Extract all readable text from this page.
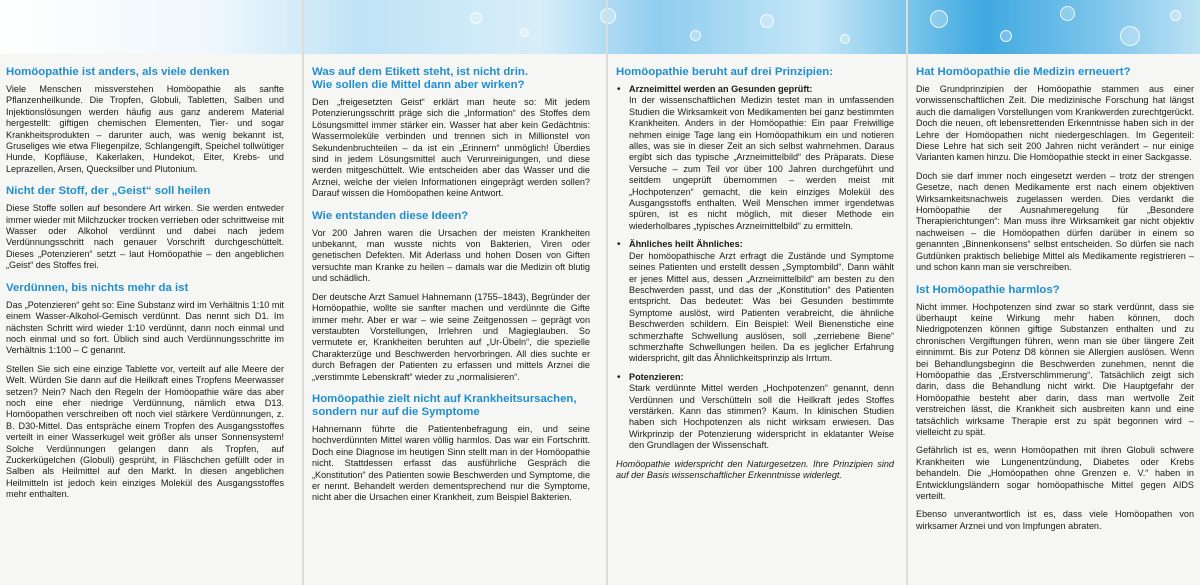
Homöopathie ist anders, als viele denken

Viele Menschen missverstehen Homöopathie als sanfte Pflanzenheilkunde. Die Tropfen, Globuli, Tabletten, Salben und Injektionslösungen werden häufig aus ganz anderem Material hergestellt: giftigen chemischen Elementen, Tier- und sogar Krankheitsprodukten – darunter auch, was wenig bekannt ist, Gruseliges wie etwa Fliegenpilze, Schlangengift, Speichel tollwütiger Hunde, Kopfläuse, Kakerlaken, Hundekot, Eiter, Krebs- und Leprazellen, Arsen, Quecksilber und Plutonium.

Nicht der Stoff, der „Geist“ soll heilen

Diese Stoffe sollen auf besondere Art wirken. Sie werden entweder immer wieder mit Milchzucker trocken verrieben oder schrittweise mit Wasser oder Alkohol verdünnt und dabei nach jedem Verdünnungsschritt nach genauer Vorschrift durchgeschüttelt. Dieses „Potenzieren“ setzt – laut Homöopathie – den angeblichen „Geist“ des Stoffes frei.

Verdünnen, bis nichts mehr da ist

Das „Potenzieren“ geht so: Eine Substanz wird im Verhältnis 1:10 mit einem Wasser-Alkohol-Gemisch verdünnt. Das nennt sich D1. Im nächsten Schritt wird wieder 1:10 verdünnt, dann noch einmal und noch einmal und so fort. Üblich sind auch Verdünnungsschritte im Verhältnis 1:100 – C genannt.

Stellen Sie sich eine einzige Tablette vor, verteilt auf alle Meere der Welt. Würden Sie dann auf die Heilkraft eines Tropfens Meerwasser setzen? Nein? Nach den Regeln der Homöopathie wäre das aber noch eine eher niedrige Verdünnung, nämlich etwa D13. Homöopathen verschreiben oft noch viel stärkere Verdünnungen, z. B. D30-Mittel. Das entspräche einem Tropfen des Ausgangsstoffes verteilt in einer Wasserkugel weit größer als unser Sonnensystem! Solche Verdünnungen gelangen dann als Tropfen, auf Zuckerkügelchen (Globuli) gesprüht, in Fläschchen gefüllt oder in Salben als Heilmittel auf den Markt. In diesen angeblichen Heilmitteln ist jedoch kein einziges Molekül des Ausgangsstoffes mehr enthalten.

Was auf dem Etikett steht, ist nicht drin.
Wie sollen die Mittel dann aber wirken?

Den „freigesetzten Geist“ erklärt man heute so: Mit jedem Potenzierungsschritt präge sich die „Information“ des Stoffes dem Lösungsmittel immer stärker ein. Wasser hat aber kein Gedächtnis: Wassermoleküle verbinden und trennen sich in Millionstel von Sekundenbruchteilen – da ist ein „Erinnern“ unmöglich! Überdies sind in jedem Lösungsmittel auch Verunreinigungen, und diese werden mitgeschüttelt. Wie entscheiden aber das Wasser und die Arznei, welche der vielen Informationen eingeprägt werden sollen? Darauf wissen die Homöopathen keine Antwort.

Wie entstanden diese Ideen?

Vor 200 Jahren waren die Ursachen der meisten Krankheiten unbekannt, man wusste nichts von Bakterien, Viren oder genetischen Defekten. Mit Aderlass und hohen Dosen von Giften versuchte man Kranke zu heilen – damals war die Medizin oft blutig und schädlich.

Der deutsche Arzt Samuel Hahnemann (1755–1843), Begründer der Homöopathie, wollte sie sanfter machen und verdünnte die Gifte immer mehr. Aber er war – wie seine Zeitgenossen – geprägt von verstaubten Vorstellungen, Irrlehren und Magieglauben. So vermutete er, Krankheiten beruhten auf „Ur-Übeln“, die spezielle Charakterzüge und Beschwerden hervorbringen. All dies suchte er durch Befragen der Patienten zu erfassen und mittels Arznei die „verstimmte Lebenskraft“ wieder zu „normalisieren“.

Homöopathie zielt nicht auf Krankheitsursachen,
sondern nur auf die Symptome

Hahnemann führte die Patientenbefragung ein, und seine hochverdünnten Mittel waren völlig harmlos. Das war ein Fortschritt. Doch eine Diagnose im heutigen Sinn stellt man in der Homöopathie nicht. Stattdessen erfasst das ausführliche Gespräch die „Konstitution“ des Patienten sowie Beschwerden und Symptome, die er nennt. Behandelt werden dementsprechend nur die Symptome, nicht aber die Ursachen einer Krankheit, zum Beispiel Bakterien.

Homöopathie beruht auf drei Prinzipien:
• Arzneimittel werden an Gesunden geprüft:

In der wissenschaftlichen Medizin testet man in umfassenden Studien die Wirksamkeit von Medikamenten bei ganz bestimmten Krankheiten. Anders in der Homöopathie: Ein paar Freiwillige nehmen einige Tage lang ein Homöopathikum ein und notieren alles, was sie in dieser Zeit an sich selbst wahrnehmen. Daraus ergibt sich das typische „Arzneimittelbild“ des Präparats. Diese Versuche – zum Teil vor über 100 Jahren durchgeführt und seitdem ungeprüft übernommen – werden meist mit „Hochpotenzen“ gemacht, die kein einziges Molekül des Ausgangsstoffs enthalten. Weil Menschen immer irgendetwas spüren, ist es nicht möglich, mit dieser Methode ein wiederholbares „typisches Arzneimittelbild“ zu ermitteln.

• Ähnliches heilt Ähnliches:

Der homöopathische Arzt erfragt die Zustände und Symptome seines Patienten und erstellt dessen „Symptombild“. Dann wählt er jenes Mittel aus, dessen „Arzneimittelbild“ am besten zu den Beschwerden passt, und das der „Konstitution“ des Patienten entspricht. Das bedeutet: Was bei Gesunden bestimmte Symptome auslöst, wird Patienten verabreicht, die ähnliche Beschwerden schildern. Ein Beispiel: Weil Bienenstiche eine schmerzhafte Schwellung auslösen, soll „zerriebene Biene“ schmerzhafte Schwellungen heilen. Da es jeglicher Erfahrung widerspricht, gilt das Ähnlichkeitsprinzip als Irrtum.

• Potenzieren:

Stark verdünnte Mittel werden „Hochpotenzen“ genannt, denn Verdünnen und Verschütteln soll die Heilkraft jedes Stoffes verstärken. Kann das stimmen? Kaum. In klinischen Studien haben sich Hochpotenzen als nicht wirksam erwiesen. Das Wirkprinzip der Potenzierung widerspricht in eklatanter Weise den Grundlagen der Wissenschaft.

Homöopathie widerspricht den Naturgesetzen. Ihre Prinzipien sind auf der Basis wissenschaftlicher Erkenntnisse widerlegt.

Hat Homöopathie die Medizin erneuert?

Die Grundprinzipien der Homöopathie stammen aus einer vorwissenschaftlichen Zeit. Die medizinische Forschung hat längst auch die damaligen Vorstellungen vom Krankwerden zurechtgerückt. Doch die neuen, oft lebensrettenden Erkenntnisse haben sich in der Lehre der Homöopathen nicht niedergeschlagen. Im Gegenteil: Diese Lehre hat sich seit 200 Jahren nicht verändert – nur einige Varianten kamen hinzu. Die Homöopathie steckt in einer Sackgasse.

Doch sie darf immer noch eingesetzt werden – trotz der strengen Gesetze, nach denen Medikamente erst nach einem objektiven Wirksamkeitsnachweis zugelassen werden. Dies verdankt die Homöopathie der Ausnahmeregelung für „Besondere Therapierichtungen“: Man muss ihre Wirksamkeit gar nicht objektiv nachweisen – die Homöopathen dürfen darüber in einem so genannten „Binnenkonsens“ selbst entscheiden. So dürfen sie nach Gutdünken praktisch beliebige Mittel als Medikamente registrieren – und schon kann man sie verschreiben.

Ist Homöopathie harmlos?

Nicht immer. Hochpotenzen sind zwar so stark verdünnt, dass sie überhaupt keine Wirkung mehr haben können, doch Niedrigpotenzen können giftige Substanzen enthalten und zu chronischen Vergiftungen führen, wenn man sie über längere Zeit einnimmt. Bis zur Potenz D8 können sie Allergien auslösen. Wenn bei Behandlungsbeginn die Beschwerden zunehmen, nennt die Homöopathie das „Erstverschlimmerung“. Tatsächlich zeigt sich darin, dass die Behandlung nicht wirkt. Die Hauptgefahr der Homöopathie besteht aber darin, dass man wertvolle Zeit verstreichen lässt, die Krankheit sich ausbreiten kann und eine tatsächlich wirksame Therapie erst zu spät begonnen wird – vielleicht zu spät.

Gefährlich ist es, wenn Homöopathen mit ihren Globuli schwere Krankheiten wie Lungenentzündung, Diabetes oder Krebs behandeln. Die „Homöopathen ohne Grenzen e. V.“ haben in Entwicklungsländern sogar homöopathische Mittel gegen AIDS verteilt.

Ebenso unverantwortlich ist es, dass viele Homöopathen von wirksamer Arznei und von Impfungen abraten.
